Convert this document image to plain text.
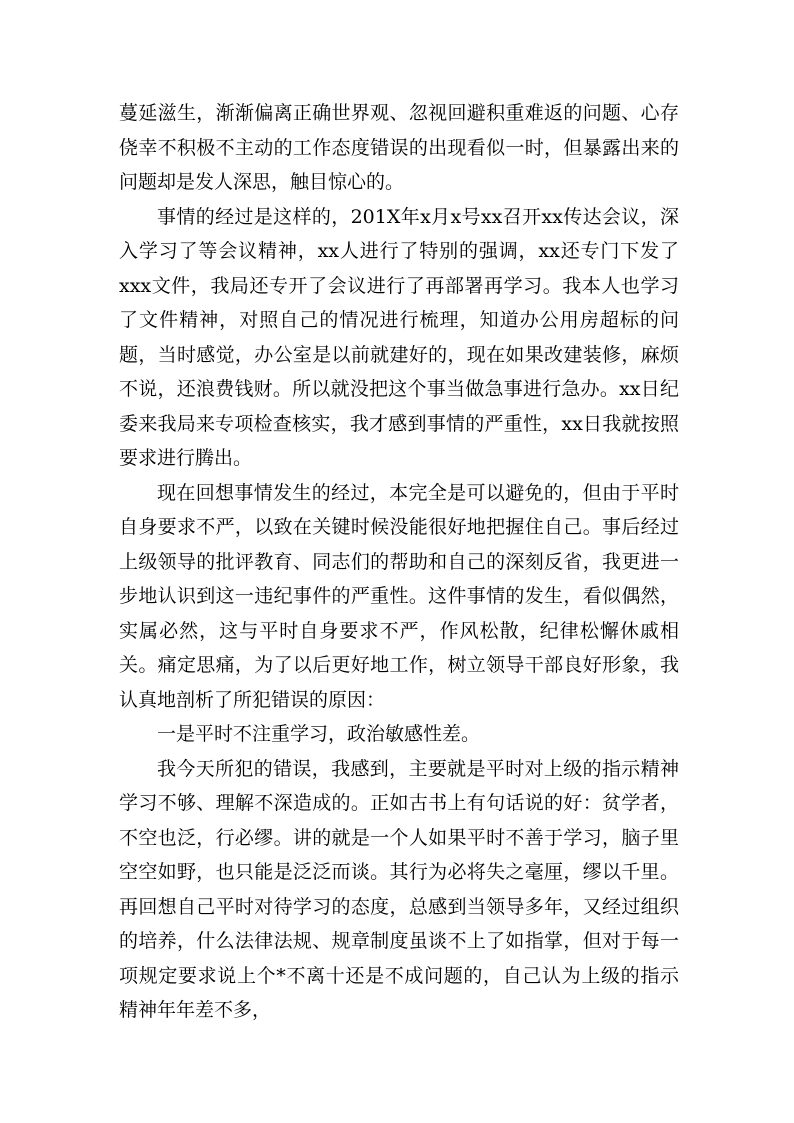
蔓延滋生，渐渐偏离正确世界观、忽视回避积重难返的问题、心存侥幸不积极不主动的工作态度错误的出现看似一时，但暴露出来的问题却是发人深思，触目惊心的。

事情的经过是这样的，201X年x月x号xx召开xx传达会议，深入学习了等会议精神，xx人进行了特别的强调，xx还专门下发了xxx文件，我局还专开了会议进行了再部署再学习。我本人也学习了文件精神，对照自己的情况进行梳理，知道办公用房超标的问题，当时感觉，办公室是以前就建好的，现在如果改建装修，麻烦不说，还浪费钱财。所以就没把这个事当做急事进行急办。xx日纪委来我局来专项检查核实，我才感到事情的严重性，xx日我就按照要求进行腾出。

现在回想事情发生的经过，本完全是可以避免的，但由于平时自身要求不严，以致在关键时候没能很好地把握住自己。事后经过上级领导的批评教育、同志们的帮助和自己的深刻反省，我更进一步地认识到这一违纪事件的严重性。这件事情的发生，看似偶然，实属必然，这与平时自身要求不严，作风松散，纪律松懈休戚相关。痛定思痛，为了以后更好地工作，树立领导干部良好形象，我认真地剖析了所犯错误的原因：

一是平时不注重学习，政治敏感性差。

我今天所犯的错误，我感到，主要就是平时对上级的指示精神学习不够、理解不深造成的。正如古书上有句话说的好：贫学者，不空也泛，行必缪。讲的就是一个人如果平时不善于学习，脑子里空空如野，也只能是泛泛而谈。其行为必将失之毫厘，缪以千里。再回想自己平时对待学习的态度，总感到当领导多年，又经过组织的培养，什么法律法规、规章制度虽谈不上了如指掌，但对于每一项规定要求说上个*不离十还是不成问题的，自己认为上级的指示精神年年差不多，
